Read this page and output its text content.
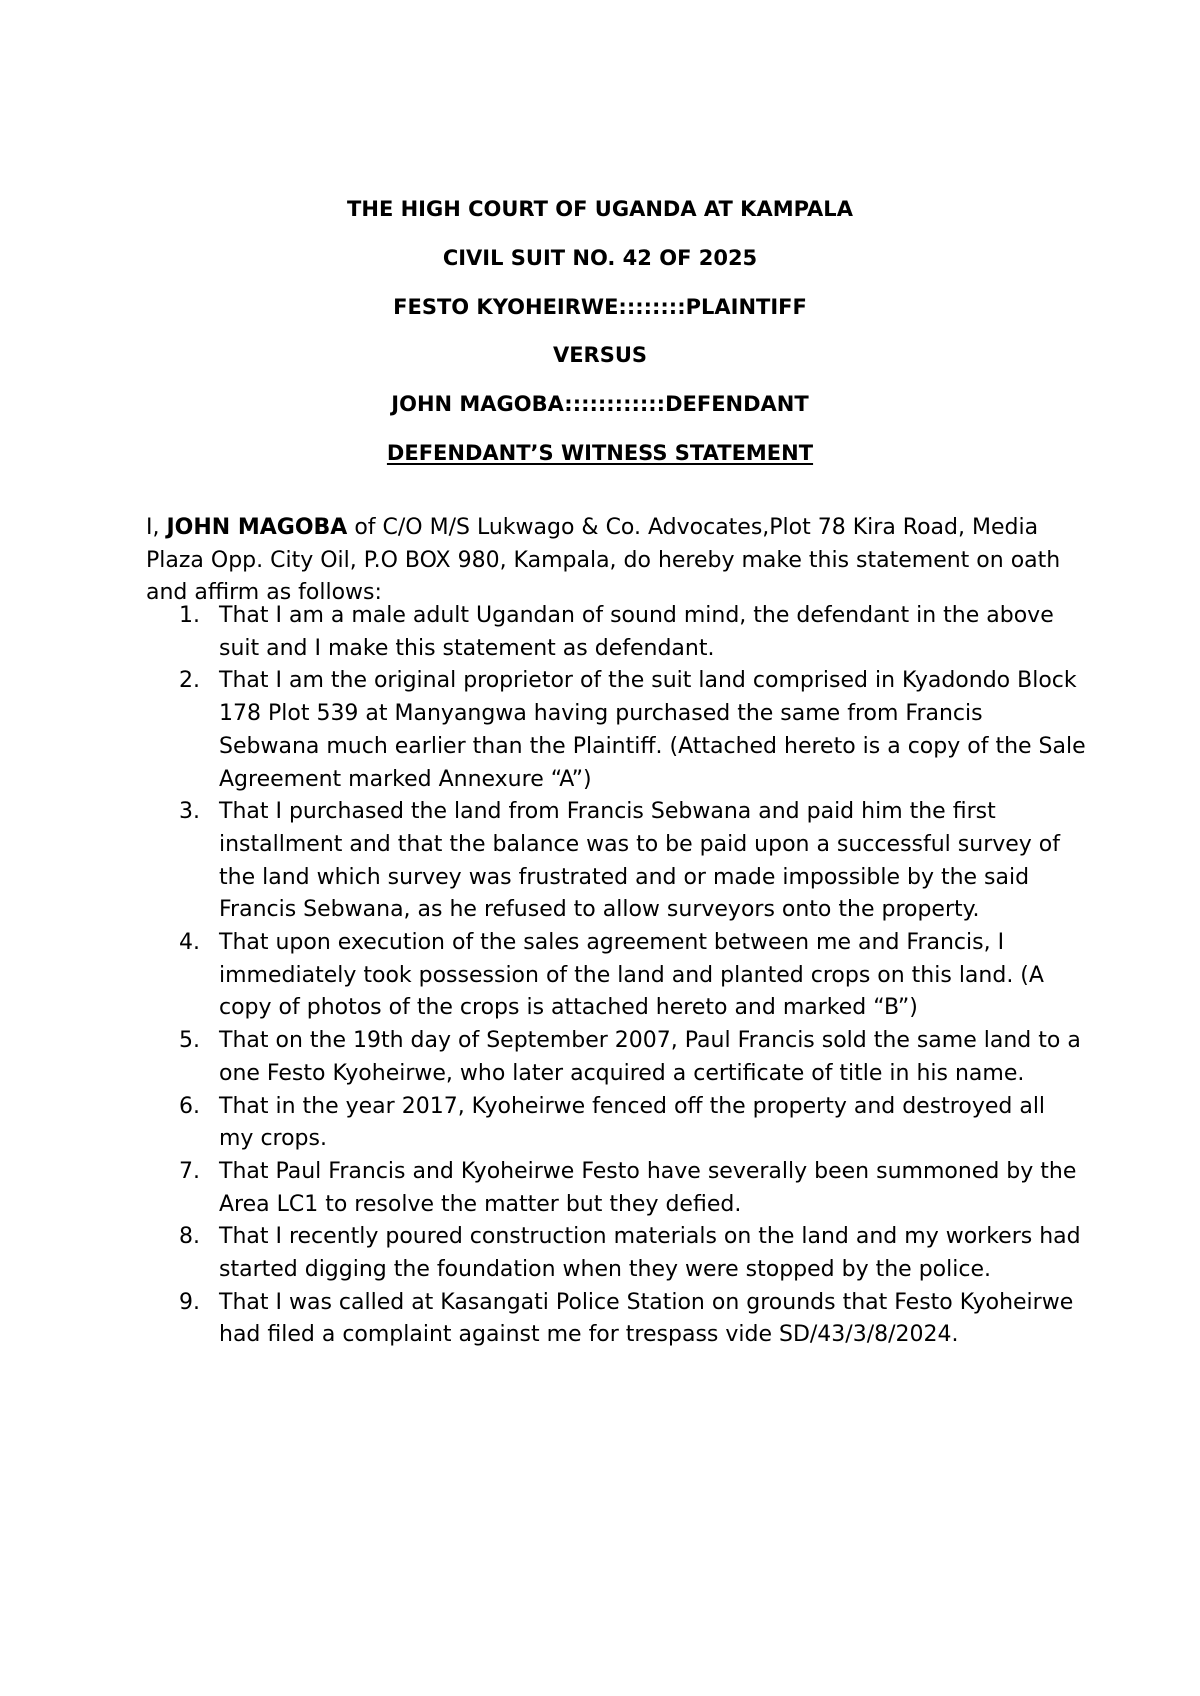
THE HIGH COURT OF UGANDA AT KAMPALA
CIVIL SUIT NO. 42 OF 2025
FESTO KYOHEIRWE::::::::PLAINTIFF
VERSUS
JOHN MAGOBA::::::::::::DEFENDANT
DEFENDANT’S WITNESS STATEMENT

I, JOHN MAGOBA of C/O M/S Lukwago & Co. Advocates,Plot 78 Kira Road, Media Plaza Opp. City Oil, P.O BOX 980, Kampala, do hereby make this statement on oath and affirm as follows:

1. That I am a male adult Ugandan of sound mind, the defendant in the above suit and I make this statement as defendant.
2. That I am the original proprietor of the suit land comprised in Kyadondo Block 178 Plot 539 at Manyangwa having purchased the same from Francis Sebwana much earlier than the Plaintiff. (Attached hereto is a copy of the Sale Agreement marked Annexure “A”)
3. That I purchased the land from Francis Sebwana and paid him the first installment and that the balance was to be paid upon a successful survey of the land which survey was frustrated and or made impossible by the said Francis Sebwana, as he refused to allow surveyors onto the property.
4. That upon execution of the sales agreement between me and Francis, I immediately took possession of the land and planted crops on this land. (A copy of photos of the crops is attached hereto and marked “B”)
5. That on the 19th day of September 2007, Paul Francis sold the same land to a one Festo Kyoheirwe, who later acquired a certificate of title in his name.
6. That in the year 2017, Kyoheirwe fenced off the property and destroyed all my crops.
7. That Paul Francis and Kyoheirwe Festo have severally been summoned by the Area LC1 to resolve the matter but they defied.
8. That I recently poured construction materials on the land and my workers had started digging the foundation when they were stopped by the police.
9. That I was called at Kasangati Police Station on grounds that Festo Kyoheirwe had filed a complaint against me for trespass vide SD/43/3/8/2024.
